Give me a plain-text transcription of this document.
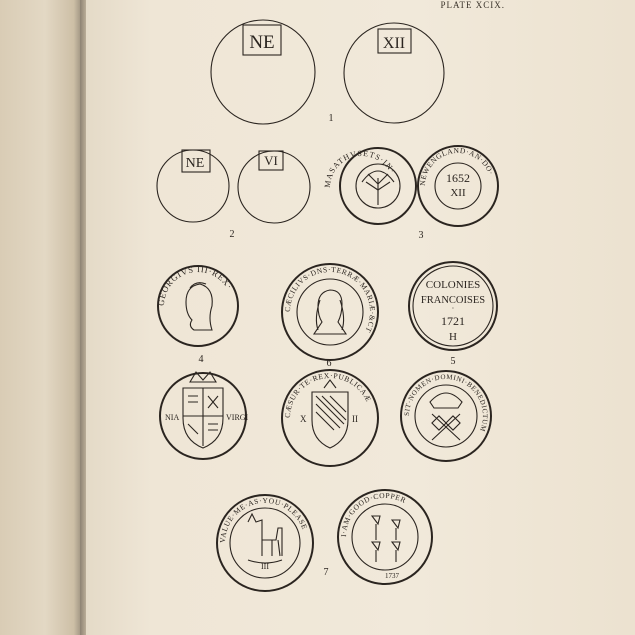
PLATE XCIX.
NE	XII
1
NE	VI
2
MASATHVSETS·IN·	1652
XII
NEWENGLAND·AN·DO·
3
GEORGIVS III·REX·
4
CÆCILIVS·DNS·TERRÆ·MARIÆ·&CT
6
COLONIES
FRANCOISES
·
1721
H
5
NIA	VIRGI	X	II
CÆSUR·TE·REX·PUBLICAÆ
SIT·NOMEN·DOMINI·BENEDICTUM
III
VALUE·ME·AS·YOU·PLEASE
1737
I·AM·GOOD·COPPER
7
